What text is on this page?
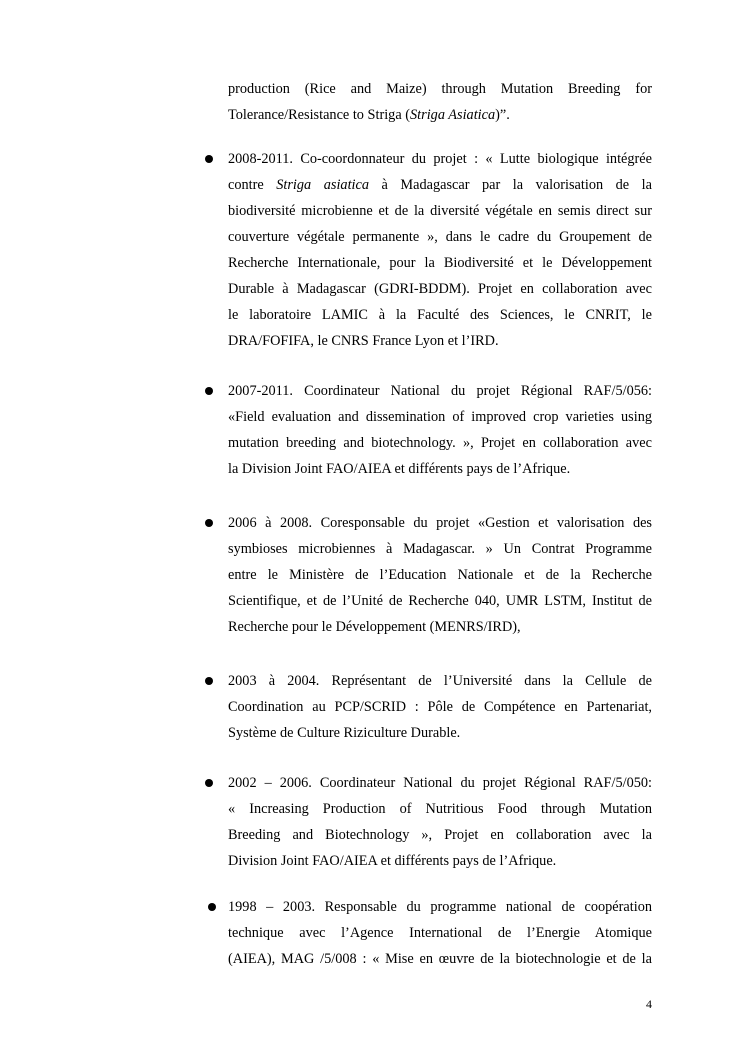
production (Rice and Maize) through Mutation Breeding for
Tolerance/Resistance to Striga (Striga Asiatica)”.
2008-2011. Co-coordonnateur du projet : « Lutte biologique intégrée
contre Striga asiatica à Madagascar par la valorisation de la
biodiversité microbienne et de la diversité végétale en semis direct sur
couverture végétale permanente », dans le cadre du Groupement de
Recherche Internationale, pour la Biodiversité et le Développement
Durable à Madagascar (GDRI-BDDM). Projet en collaboration avec
le laboratoire LAMIC à la Faculté des Sciences, le CNRIT, le
DRA/FOFIFA, le CNRS France Lyon et l’IRD.
2007-2011. Coordinateur National du projet Régional RAF/5/056:
«Field evaluation and dissemination of improved crop varieties using
mutation breeding and biotechnology. », Projet en collaboration avec
la Division Joint FAO/AIEA et différents pays de l’Afrique.
2006 à 2008. Coresponsable du projet «Gestion et valorisation des
symbioses microbiennes à Madagascar. » Un Contrat Programme
entre le Ministère de l’Education Nationale et de la Recherche
Scientifique, et de l’Unité de Recherche 040, UMR LSTM, Institut de
Recherche pour le Développement (MENRS/IRD),
2003 à 2004. Représentant de l’Université dans la Cellule de
Coordination au PCP/SCRID : Pôle de Compétence en Partenariat,
Système de Culture Riziculture Durable.
2002 – 2006. Coordinateur National du projet Régional RAF/5/050:
« Increasing Production of Nutritious Food through Mutation
Breeding and Biotechnology », Projet en collaboration avec la
Division Joint FAO/AIEA et différents pays de l’Afrique.
1998 – 2003. Responsable du programme national de coopération
technique avec l’Agence International de l’Energie Atomique
(AIEA), MAG /5/008 : « Mise en œuvre de la biotechnologie et de la
4
